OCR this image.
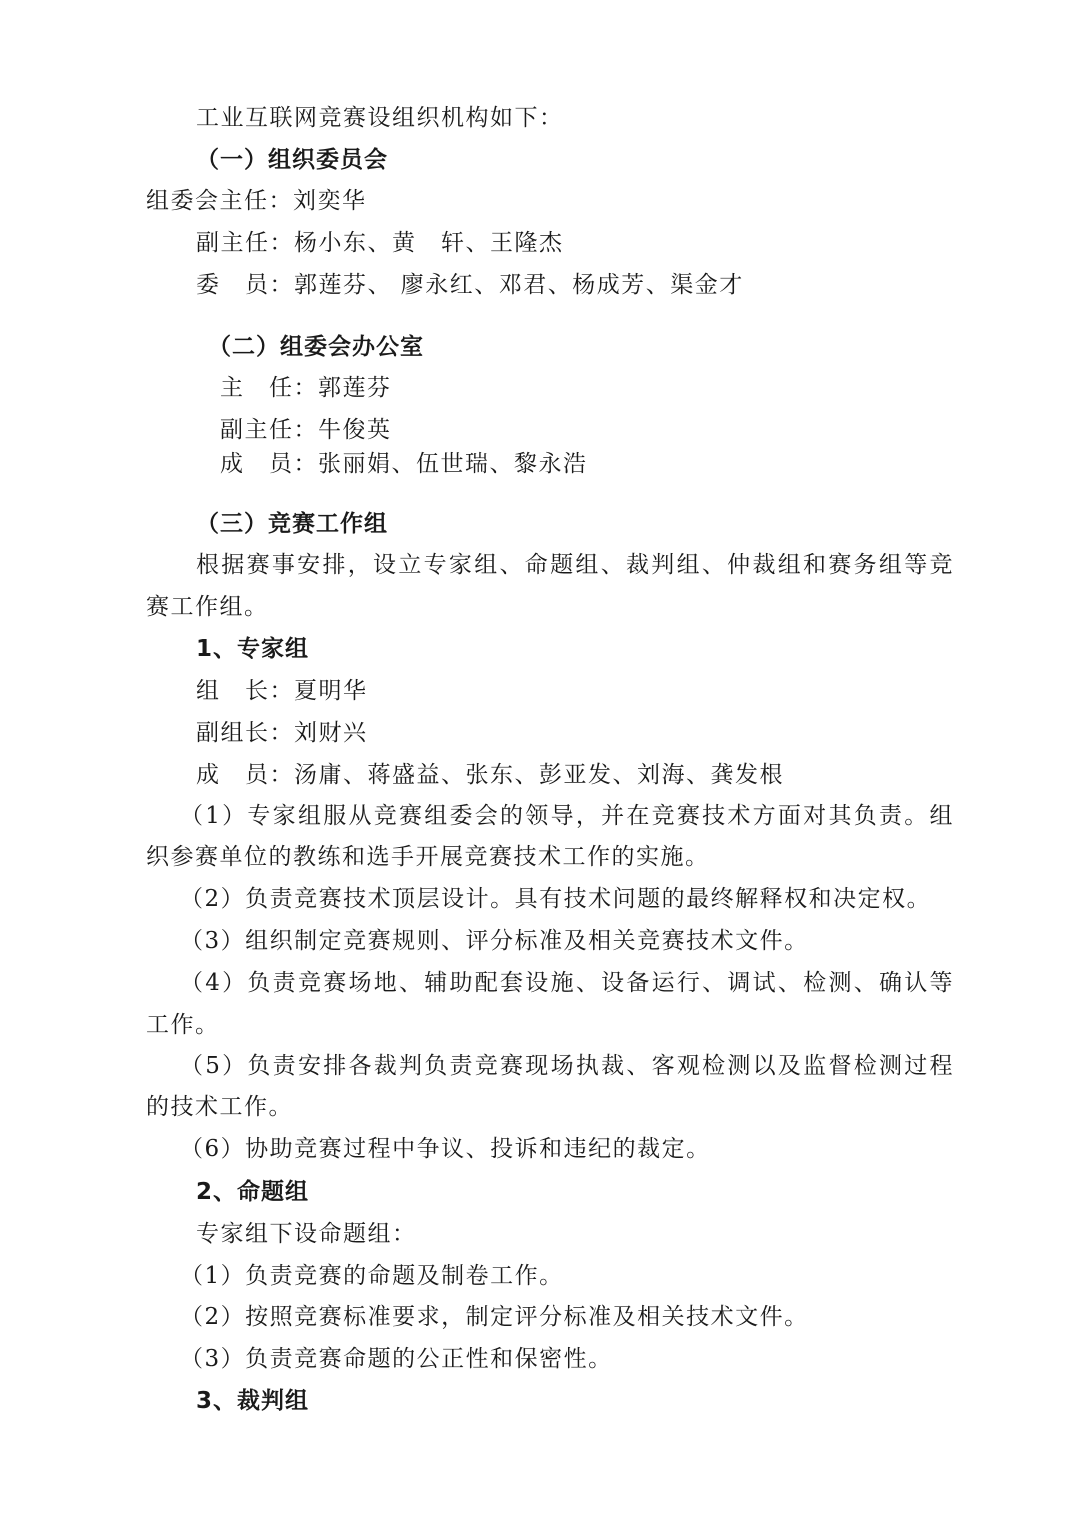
工业互联网竞赛设组织机构如下：
（一）组织委员会
组委会主任：刘奕华
副主任：杨小东、黄　轩、王隆杰
委　员：郭莲芬、 廖永红、邓君、杨成芳、渠金才
（二）组委会办公室
主　任：郭莲芬
副主任：牛俊英
成　员：张丽娟、伍世瑞、黎永浩
（三）竞赛工作组
根据赛事安排，设立专家组、命题组、裁判组、仲裁组和赛务组等竞
赛工作组。
1、专家组
组　长：夏明华
副组长：刘财兴
成　员：汤庸、蒋盛益、张东、彭亚发、刘海、龚发根
（1）专家组服从竞赛组委会的领导，并在竞赛技术方面对其负责。组
织参赛单位的教练和选手开展竞赛技术工作的实施。
（2）负责竞赛技术顶层设计。具有技术问题的最终解释权和决定权。
（3）组织制定竞赛规则、评分标准及相关竞赛技术文件。
（4）负责竞赛场地、辅助配套设施、设备运行、调试、检测、确认等
工作。
（5）负责安排各裁判负责竞赛现场执裁、客观检测以及监督检测过程
的技术工作。
（6）协助竞赛过程中争议、投诉和违纪的裁定。
2、命题组
专家组下设命题组：
（1）负责竞赛的命题及制卷工作。
（2）按照竞赛标准要求，制定评分标准及相关技术文件。
（3）负责竞赛命题的公正性和保密性。
3、裁判组
